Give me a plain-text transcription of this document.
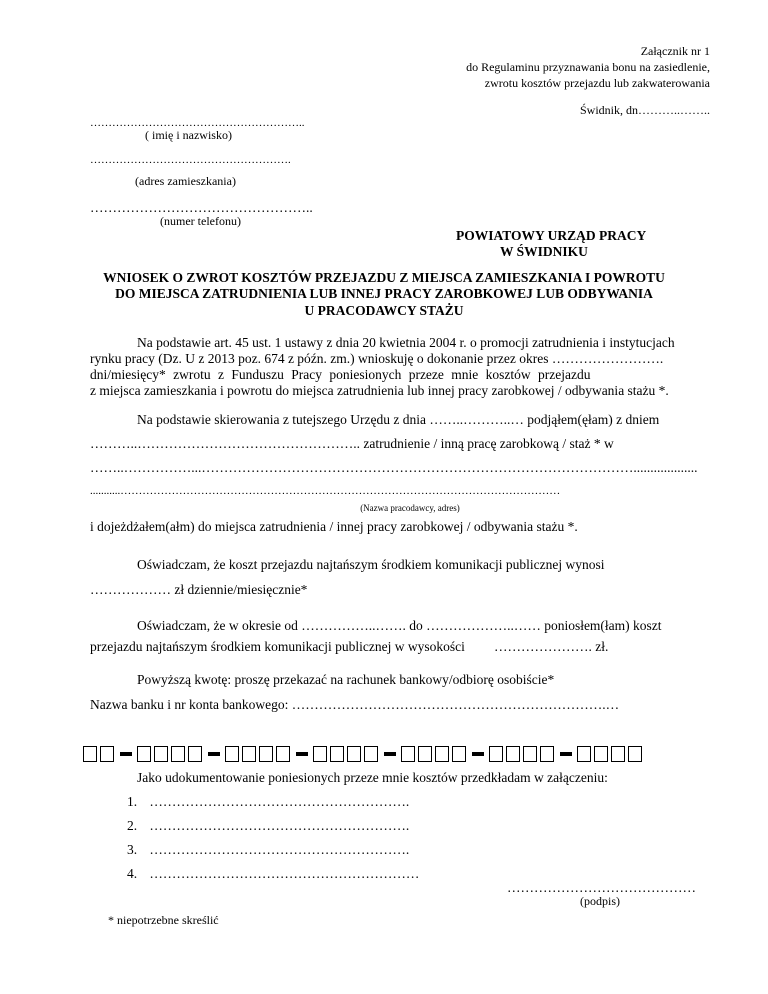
Załącznik nr 1
do Regulaminu przyznawania bonu na zasiedlenie,
zwrotu kosztów przejazdu lub zakwaterowania
Świdnik, dn………..……..
…………………………………………………..
( imię i nazwisko)
……………………………………………….
(adres zamieszkania)
…………………………………………..
(numer telefonu)
POWIATOWY URZĄD PRACY
W ŚWIDNIKU
WNIOSEK O ZWROT KOSZTÓW PRZEJAZDU Z MIEJSCA ZAMIESZKANIA I POWROTU
DO MIEJSCA ZATRUDNIENIA LUB INNEJ PRACY ZAROBKOWEJ LUB ODBYWANIA
U PRACODAWCY STAŻU
Na podstawie art. 45 ust. 1 ustawy z dnia 20 kwietnia 2004 r. o promocji zatrudnienia i instytucjach
rynku pracy (Dz. U z 2013 poz. 674 z późn. zm.) wnioskuję o dokonanie przez okres …………………….
dni/miesięcy* zwrotu z Funduszu Pracy poniesionych przeze mnie kosztów przejazdu
z miejsca zamieszkania i powrotu do miejsca zatrudnienia lub innej pracy zarobkowej / odbywania stażu *.
Na podstawie skierowania z tutejszego Urzędu z dnia ……..………..… podjąłem(ęłam) z dniem
………..………………………………………….. zatrudnienie / inną pracę zarobkową / staż * w
……..……………...……………………………………………………………………………………...................
...........…………………………………………………………………………………………………………
(Nazwa pracodawcy, adres)
i dojeżdżałem(ałm) do miejsca zatrudnienia / innej pracy zarobkowej / odbywania stażu *.
Oświadczam, że koszt przejazdu najtańszym środkiem komunikacji publicznej wynosi
……………… zł dziennie/miesięcznie*
Oświadczam, że w okresie od ……………..……. do ………………..…… poniosłem(łam) koszt
przejazdu najtańszym środkiem komunikacji publicznej w wysokości …………………. zł.
Powyższą kwotę: proszę przekazać na rachunek bankowy/odbiorę osobiście*
Nazwa banku i nr konta bankowego: …………………………………………………………….…
Jako udokumentowanie poniesionych przeze mnie kosztów przedkładam w załączeniu:
1. ………………………………………………….
2. ………………………………………………….
3. ………………………………………………….
4. ……………………………………………………
……………………………………
(podpis)
* niepotrzebne skreślić
